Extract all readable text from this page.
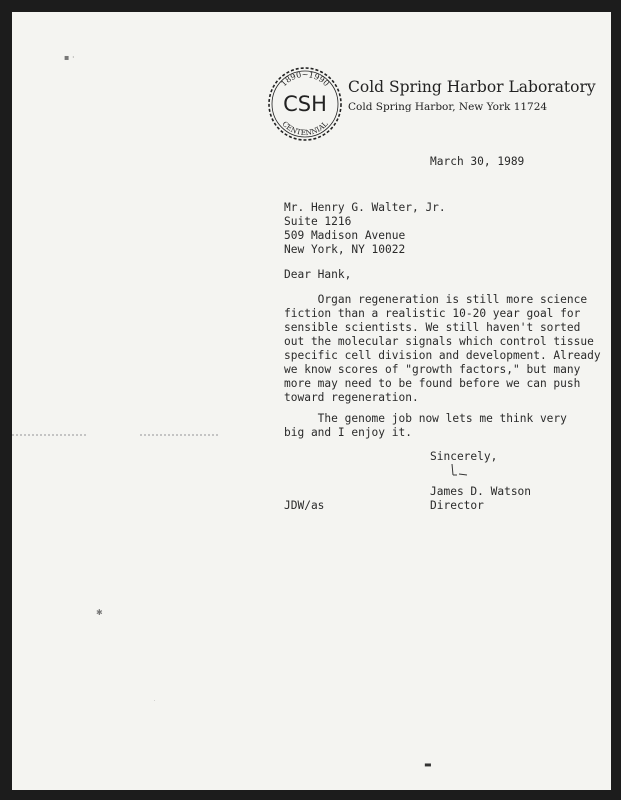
1890~1990
CSH
CENTENNIAL
Cold Spring Harbor Laboratory
Cold Spring Harbor, New York 11724
March 30, 1989
Mr. Henry G. Walter, Jr.
Suite 1216
509 Madison Avenue
New York, NY 10022
Dear Hank,
Organ regeneration is still more science
fiction than a realistic 10-20 year goal for
sensible scientists. We still haven't sorted
out the molecular signals which control tissue
specific cell division and development. Already
we know scores of "growth factors," but many
more may need to be found before we can push
toward regeneration.
The genome job now lets me think very
big and I enjoy it.
Sincerely,
James D. Watson
Director
JDW/as
▪ ·
✱
·
▬
